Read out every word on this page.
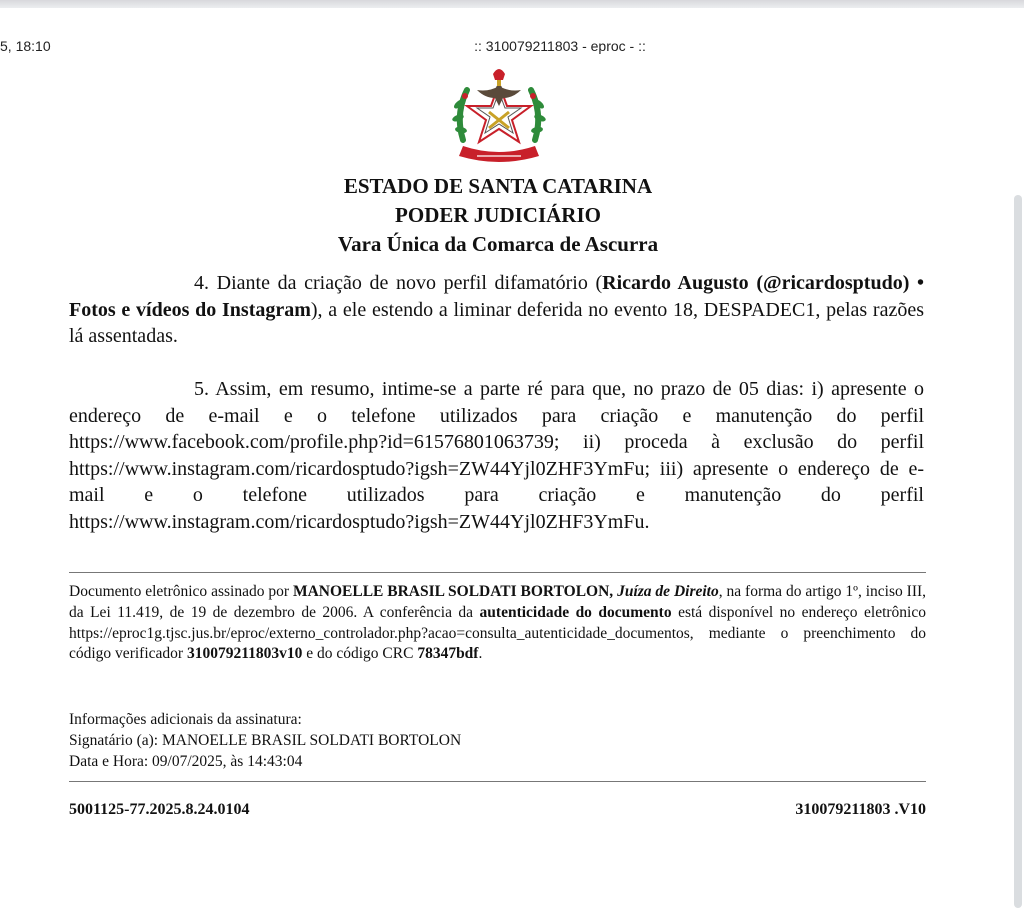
5, 18:10	:: 310079211803 - eproc - ::
ESTADO DE SANTA CATARINA
PODER JUDICIÁRIO
Vara Única da Comarca de Ascurra
4. Diante da criação de novo perfil difamatório (Ricardo Augusto (@ricardosptudo) • Fotos e vídeos do Instagram), a ele estendo a liminar deferida no evento 18, DESPADEC1, pelas razões lá assentadas.
5. Assim, em resumo, intime-se a parte ré para que, no prazo de 05 dias: i) apresente o endereço de e-mail e o telefone utilizados para criação e manutenção do perfil https://www.facebook.com/profile.php?id=61576801063739; ii) proceda à exclusão do perfil https://www.instagram.com/ricardosptudo?igsh=ZW44Yjl0ZHF3YmFu; iii) apresente o endereço de e-mail e o telefone utilizados para criação e manutenção do perfil https://www.instagram.com/ricardosptudo?igsh=ZW44Yjl0ZHF3YmFu.
Documento eletrônico assinado por MANOELLE BRASIL SOLDATI BORTOLON, Juíza de Direito, na forma do artigo 1º, inciso III, da Lei 11.419, de 19 de dezembro de 2006. A conferência da autenticidade do documento está disponível no endereço eletrônico https://eproc1g.tjsc.jus.br/eproc/externo_controlador.php?acao=consulta_autenticidade_documentos, mediante o preenchimento do código verificador 310079211803v10 e do código CRC 78347bdf.
Informações adicionais da assinatura:
Signatário (a): MANOELLE BRASIL SOLDATI BORTOLON
Data e Hora: 09/07/2025, às 14:43:04
5001125-77.2025.8.24.0104	310079211803 .V10
